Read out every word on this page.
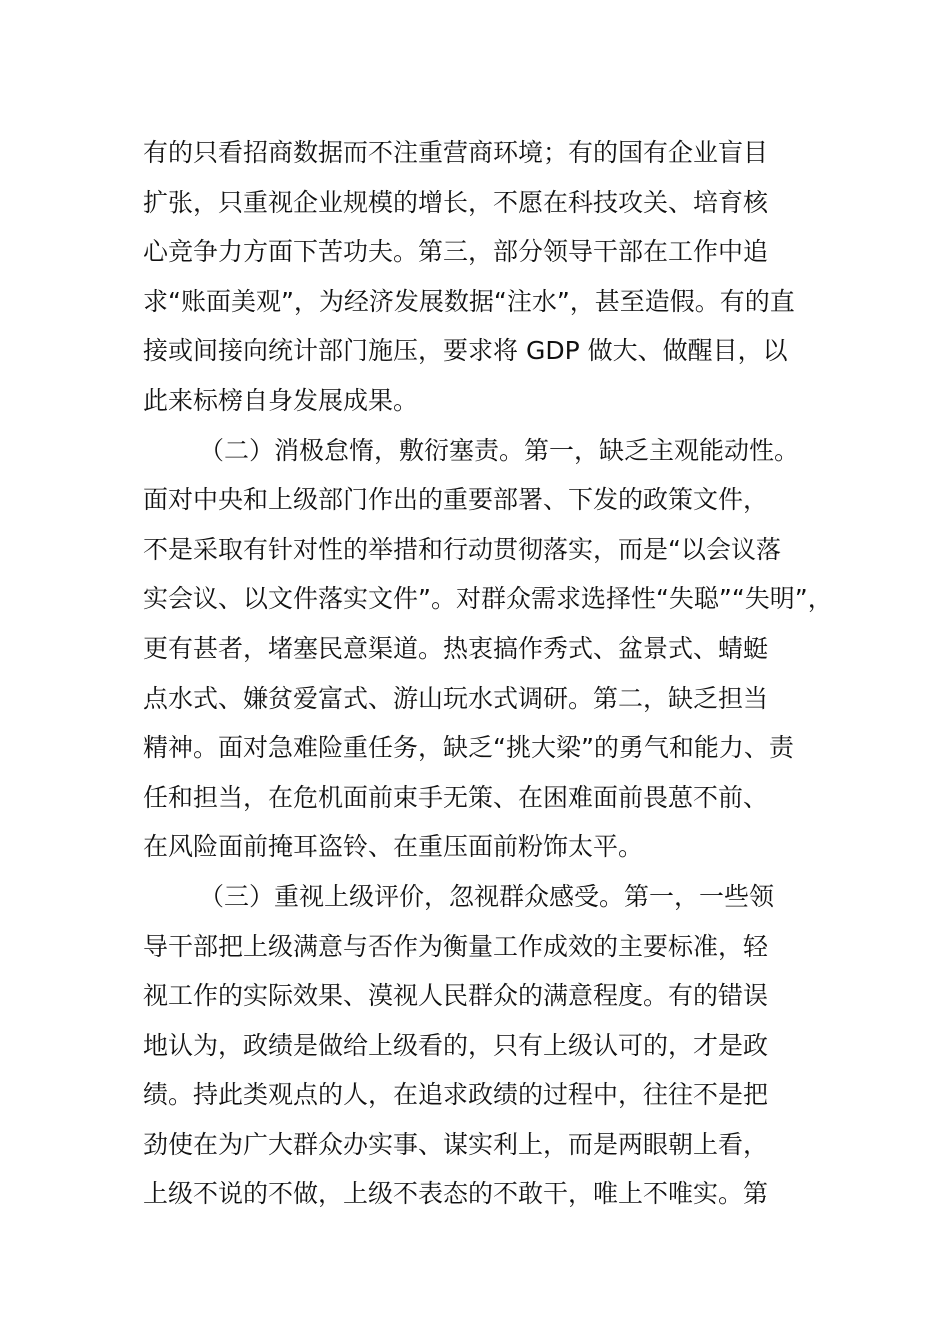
有的只看招商数据而不注重营商环境；有的国有企业盲目
扩张，只重视企业规模的增长，不愿在科技攻关、培育核
心竞争力方面下苦功夫。第三，部分领导干部在工作中追
求“账面美观”，为经济发展数据“注水”，甚至造假。有的直
接或间接向统计部门施压，要求将 GDP 做大、做醒目，以
此来标榜自身发展成果。
（二）消极怠惰，敷衍塞责。第一，缺乏主观能动性。
面对中央和上级部门作出的重要部署、下发的政策文件，
不是采取有针对性的举措和行动贯彻落实，而是“以会议落
实会议、以文件落实文件”。对群众需求选择性“失聪”“失明”，
更有甚者，堵塞民意渠道。热衷搞作秀式、盆景式、蜻蜓
点水式、嫌贫爱富式、游山玩水式调研。第二，缺乏担当
精神。面对急难险重任务，缺乏“挑大梁”的勇气和能力、责
任和担当，在危机面前束手无策、在困难面前畏葸不前、
在风险面前掩耳盗铃、在重压面前粉饰太平。
（三）重视上级评价，忽视群众感受。第一，一些领
导干部把上级满意与否作为衡量工作成效的主要标准，轻
视工作的实际效果、漠视人民群众的满意程度。有的错误
地认为，政绩是做给上级看的，只有上级认可的，才是政
绩。持此类观点的人，在追求政绩的过程中，往往不是把
劲使在为广大群众办实事、谋实利上，而是两眼朝上看，
上级不说的不做，上级不表态的不敢干，唯上不唯实。第
